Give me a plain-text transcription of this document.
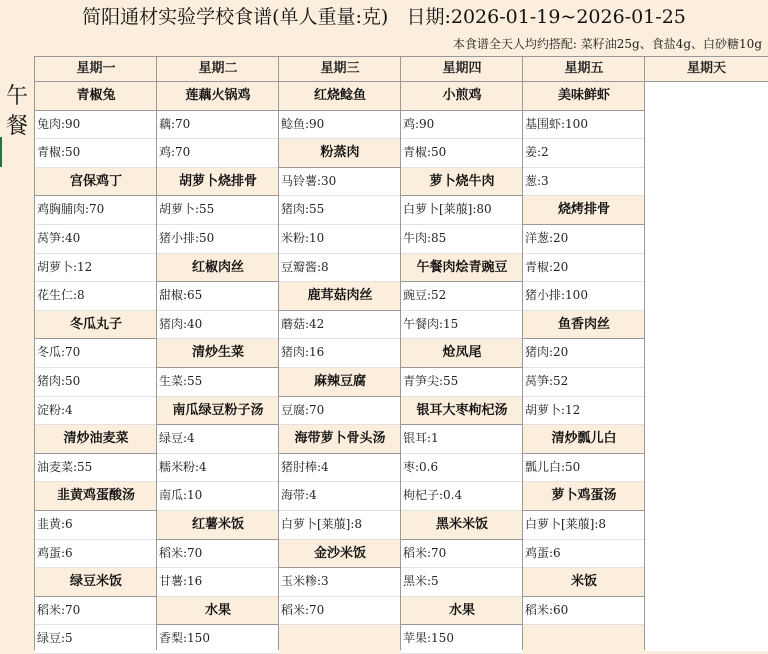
简阳通材实验学校食谱(单人重量:克)   日期:2026-01-19~2026-01-25
本食谱全天人均约搭配: 菜籽油25g、食盐4g、白砂糖10g
午
餐
星期一
青椒兔
兔肉:90
青椒:50
宫保鸡丁
鸡胸脯肉:70
莴笋:40
胡萝卜:12
花生仁:8
冬瓜丸子
冬瓜:70
猪肉:50
淀粉:4
清炒油麦菜
油麦菜:55
韭黄鸡蛋酸汤
韭黄:6
鸡蛋:6
绿豆米饭
稻米:70
绿豆:5
星期二
莲藕火锅鸡
藕:70
鸡:70
胡萝卜烧排骨
胡萝卜:55
猪小排:50
红椒肉丝
甜椒:65
猪肉:40
清炒生菜
生菜:55
南瓜绿豆粉子汤
绿豆:4
糯米粉:4
南瓜:10
红薯米饭
稻米:70
甘薯:16
水果
香梨:150
星期三
红烧鲶鱼
鲶鱼:90
粉蒸肉
马铃薯:30
猪肉:55
米粉:10
豆瓣酱:8
鹿茸菇肉丝
蘑菇:42
猪肉:16
麻辣豆腐
豆腐:70
海带萝卜骨头汤
猪肘棒:4
海带:4
白萝卜[莱菔]:8
金沙米饭
玉米糁:3
稻米:70
星期四
小煎鸡
鸡:90
青椒:50
萝卜烧牛肉
白萝卜[莱菔]:80
牛肉:85
午餐肉烩青豌豆
豌豆:52
午餐肉:15
炝凤尾
青笋尖:55
银耳大枣枸杞汤
银耳:1
枣:0.6
枸杞子:0.4
黑米米饭
稻米:70
黑米:5
水果
苹果:150
星期五
美味鲜虾
基围虾:100
姜:2
葱:3
烧烤排骨
洋葱:20
青椒:20
猪小排:100
鱼香肉丝
猪肉:20
莴笋:52
胡萝卜:12
清炒瓢儿白
瓢儿白:50
萝卜鸡蛋汤
白萝卜[莱菔]:8
鸡蛋:6
米饭
稻米:60
星期天
